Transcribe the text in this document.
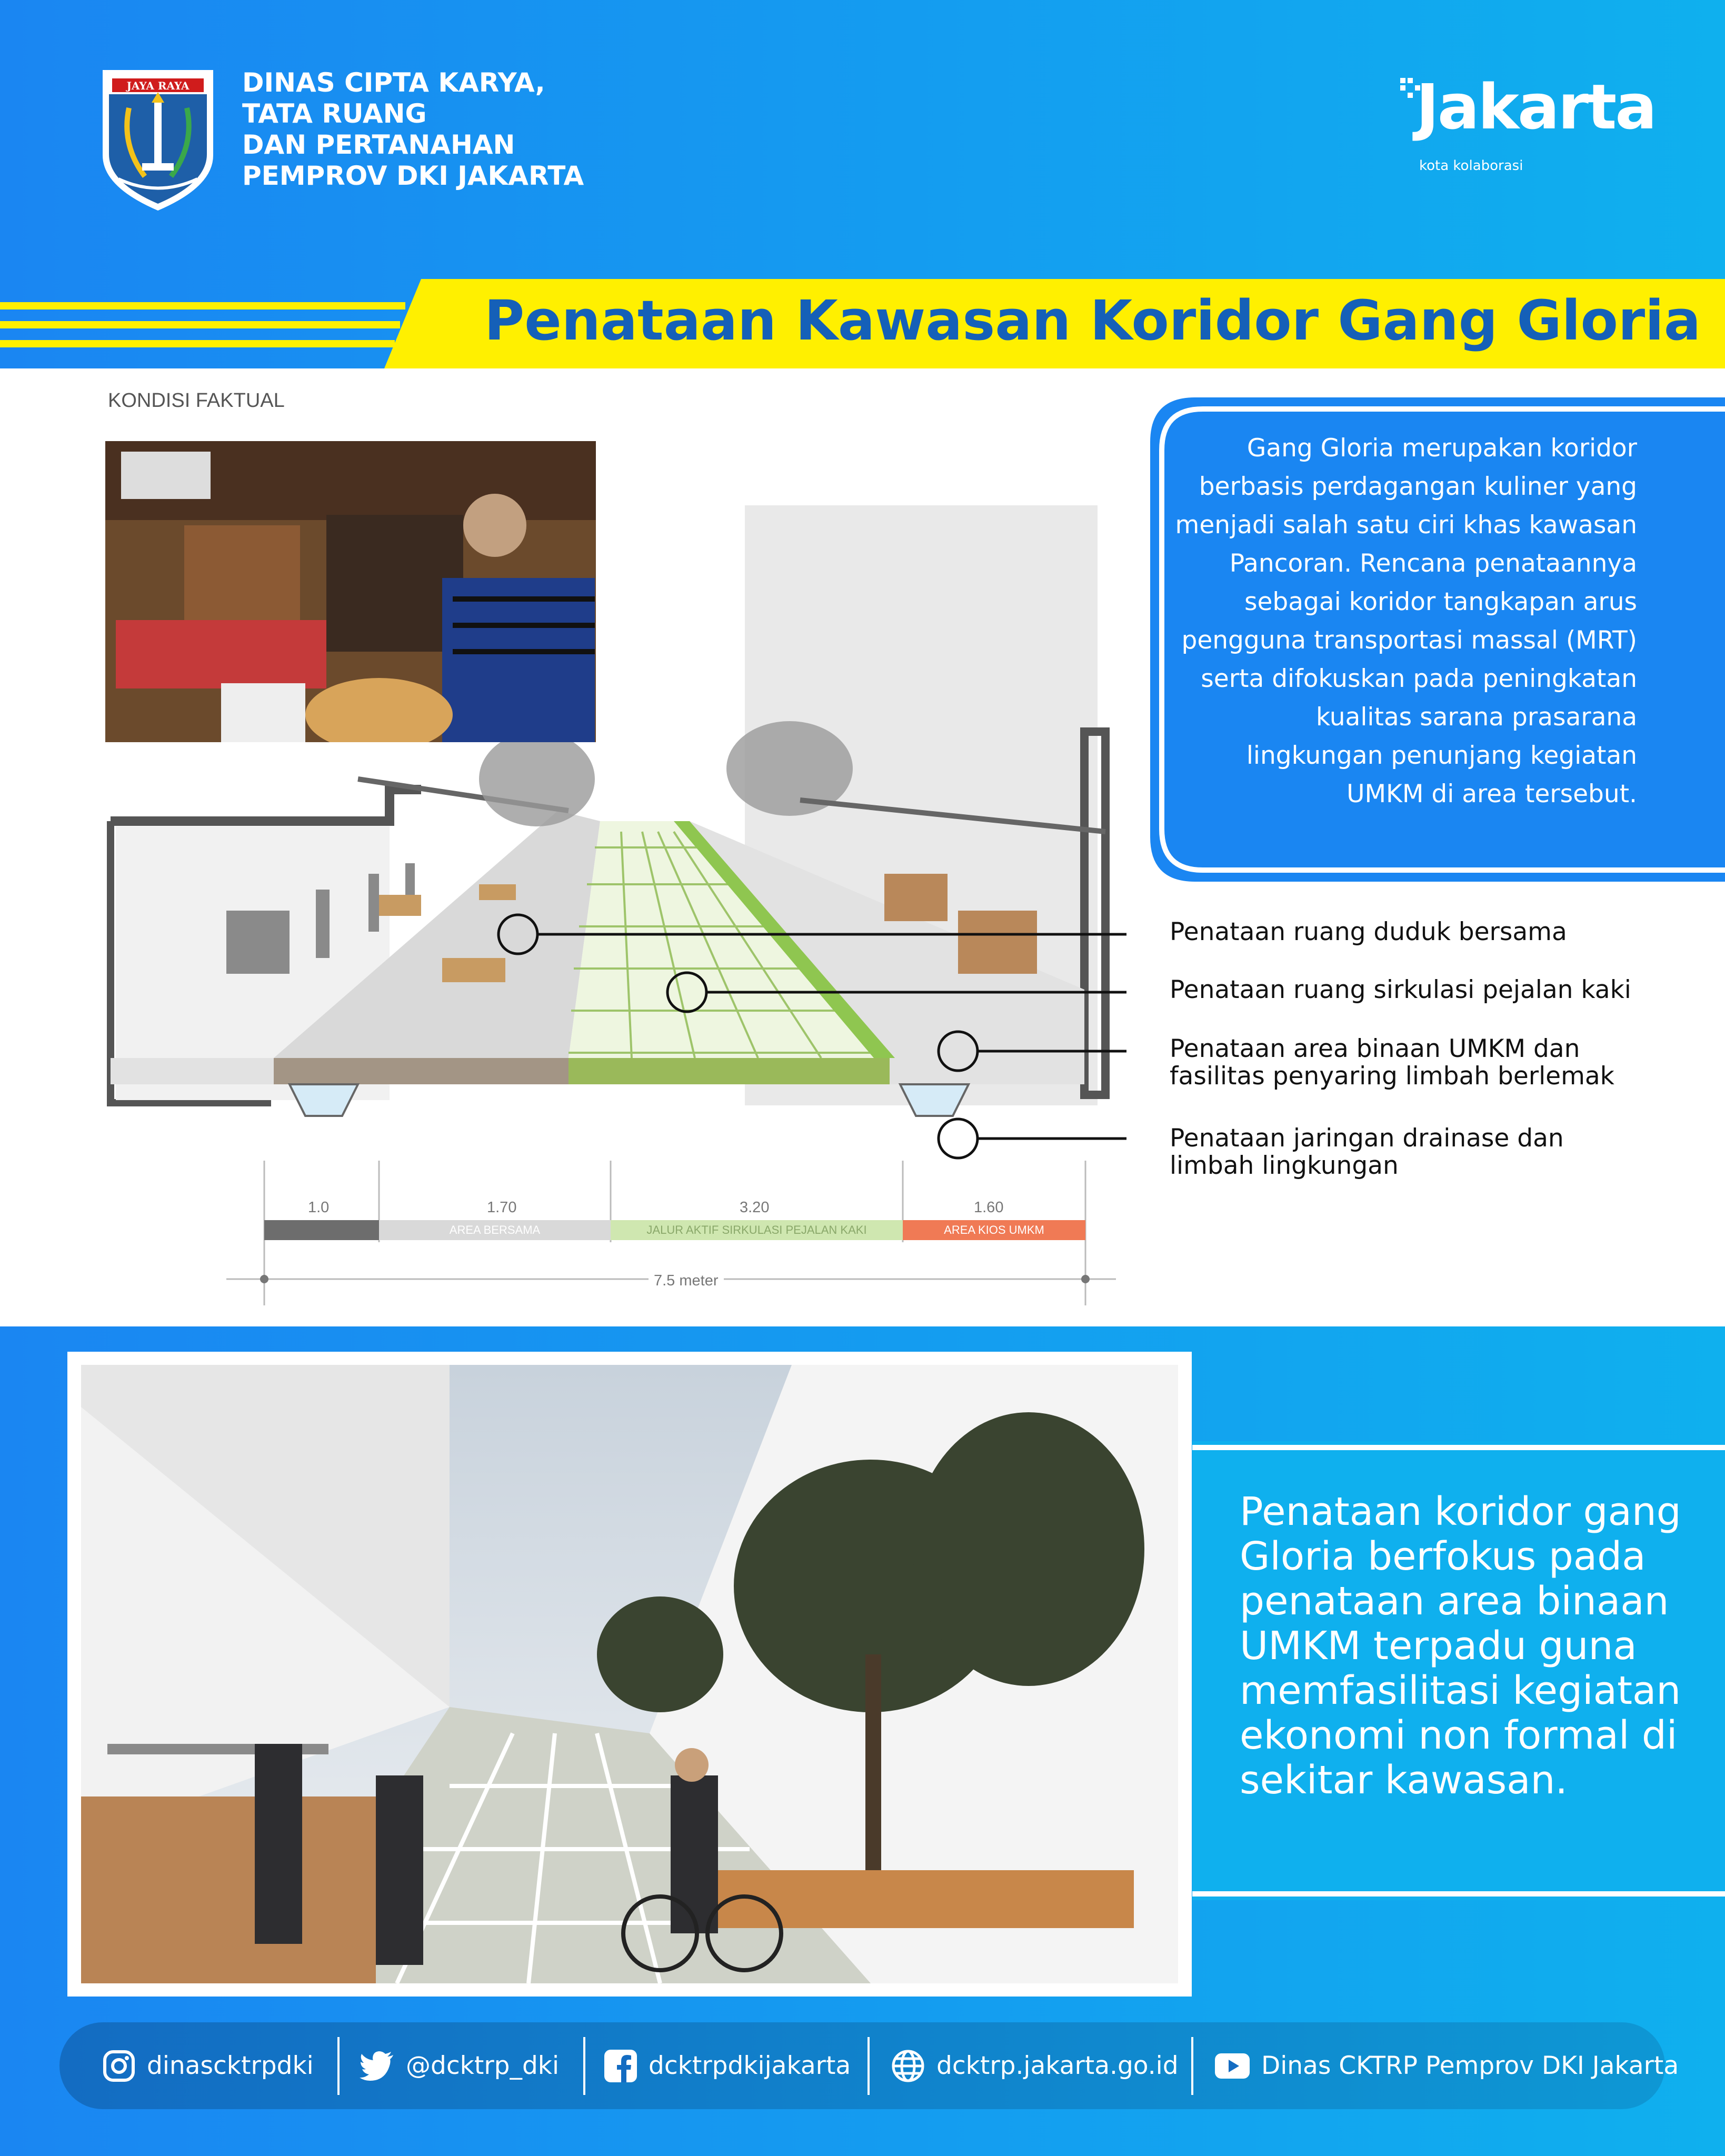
JAYA RAYA DINAS CIPTA KARYA,
TATA RUANG
DAN PERTANAHAN
PEMPROV DKI JAKARTA
Jakarta
kota kolaborasi
Penataan Kawasan Koridor Gang Gloria
KONDISI FAKTUAL
Gang Gloria merupakan koridor berbasis perdagangan kuliner yang menjadi salah satu ciri khas kawasan Pancoran. Rencana penataannya sebagai koridor tangkapan arus pengguna transportasi massal (MRT) serta difokuskan pada peningkatan kualitas sarana prasarana lingkungan penunjang kegiatan UMKM di area tersebut.
Penataan ruang duduk bersama
Penataan ruang sirkulasi pejalan kaki
Penataan area binaan UMKM dan
fasilitas penyaring limbah berlemak
Penataan jaringan drainase dan
limbah lingkungan
1.0	1.70	3.20	1.60
AREA BERSAMA	JALUR AKTIF SIRKULASI PEJALAN KAKI	AREA KIOS UMKM
7.5 meter
Penataan koridor gang Gloria berfokus pada penataan area binaan UMKM terpadu guna memfasilitasi kegiatan ekonomi non formal di sekitar kawasan.
dinascktrpdki	@dcktrp_dki	dcktrpdkijakarta	dcktrp.jakarta.go.id	Dinas CKTRP Pemprov DKI Jakarta
